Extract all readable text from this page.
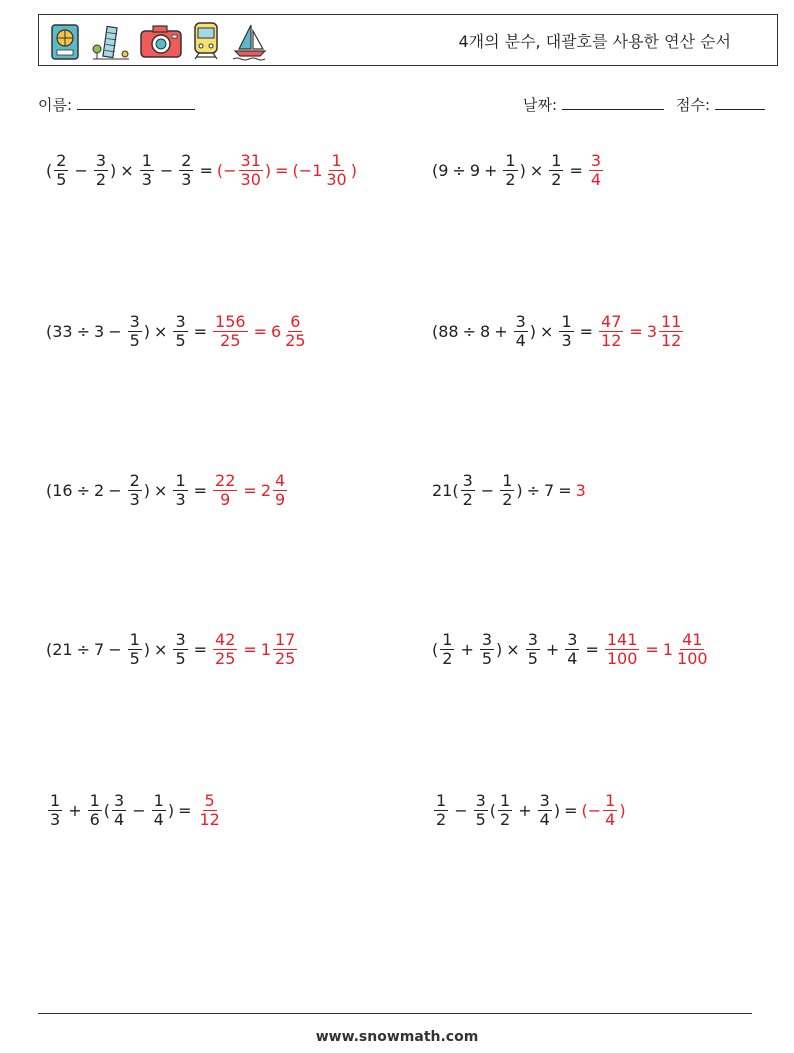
4개의 분수, 대괄호를 사용한 연산 순서
이름:	날짜:	점수:
( $\frac{2}{5} - \frac{3}{2}$ ) × $\frac{1}{3} - \frac{2}{3}$ = (− $\frac{31}{30}$ ) = ($-1 \frac{1}{30}$ )	($9 \div 9 + \frac{1}{2}$ ) × $\frac{1}{2} = \frac{3}{4}$
($33 \div 3 - \frac{3}{5}$ ) × $\frac{3}{5} = \frac{156}{25} = 6 \frac{6}{25}$	($88 \div 8 + \frac{3}{4}$ ) × $\frac{1}{3} = \frac{47}{12} = 3 \frac{11}{12}$
($16 \div 2 - \frac{2}{3}$ ) × $\frac{1}{3} = \frac{22}{9} = 2 \frac{4}{9}$	$21( \frac{3}{2} - \frac{1}{2}$ ) ÷ 7 = 3
($21 \div 7 - \frac{1}{5}$ ) × $\frac{3}{5} = \frac{42}{25} = 1 \frac{17}{25}$	( $\frac{1}{2} + \frac{3}{5}$ ) × $\frac{3}{5} + \frac{3}{4} = \frac{141}{100} = 1 \frac{41}{100}$
$\frac{1}{3} + \frac{1}{6}$ ( $\frac{3}{4} - \frac{1}{4}$ ) = $\frac{5}{12}$	$\frac{1}{2} - \frac{3}{5}$ ( $\frac{1}{2} + \frac{3}{4}$ ) = (− $\frac{1}{4}$ )
www.snowmath.com
